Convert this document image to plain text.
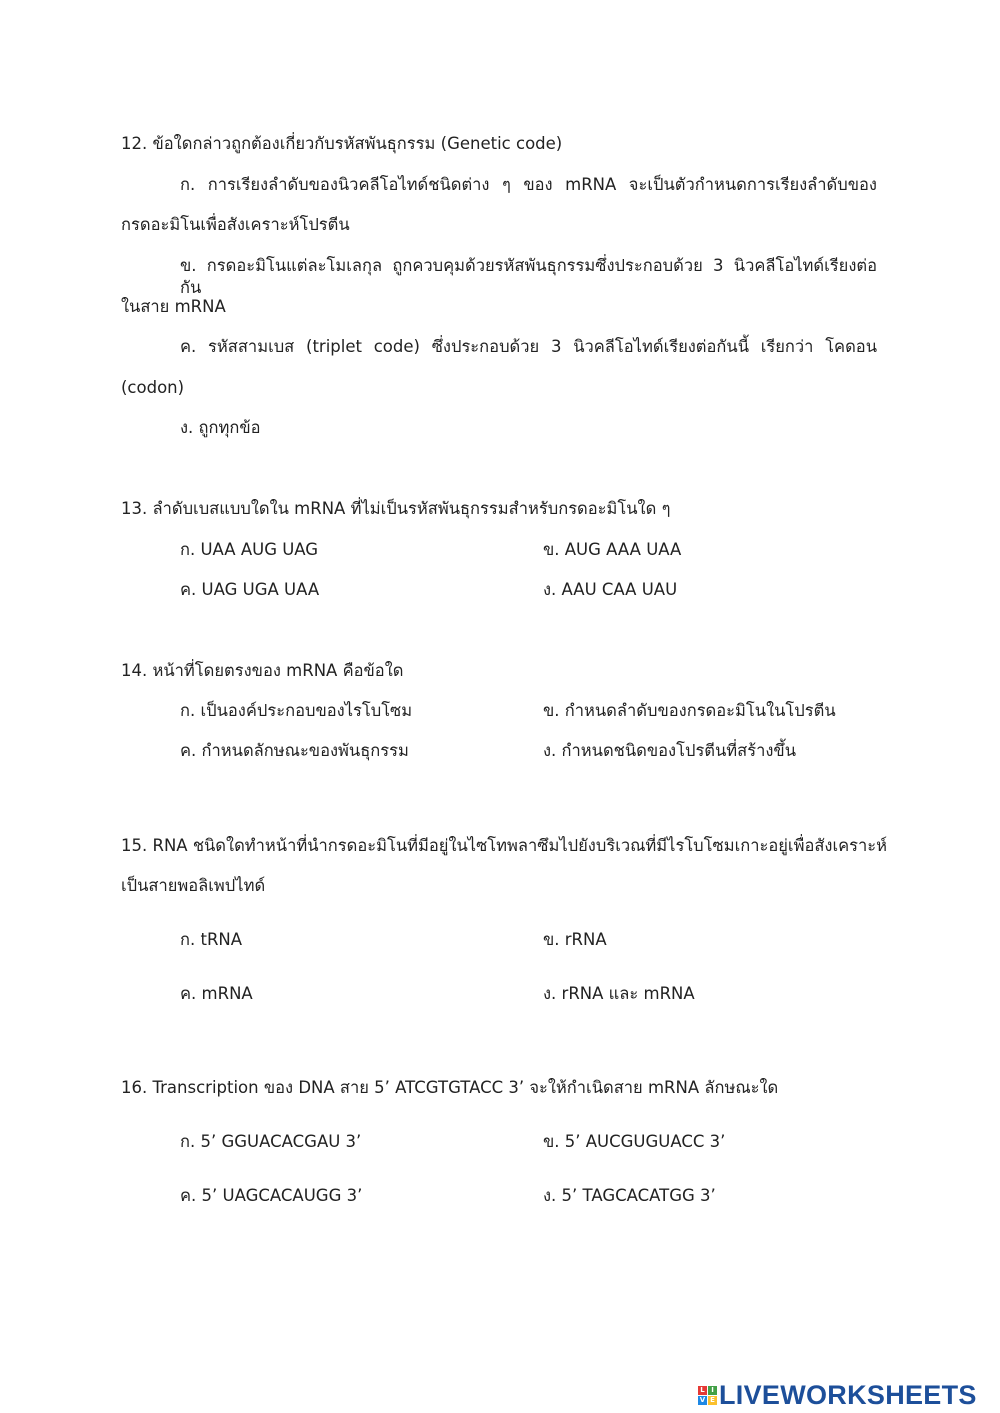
12. ข้อใดกล่าวถูกต้องเกี่ยวกับรหัสพันธุกรรม (Genetic code)

ก. การเรียงลำดับของนิวคลีโอไทด์ชนิดต่าง ๆ ของ mRNA จะเป็นตัวกำหนดการเรียงลำดับของ

กรดอะมิโนเพื่อสังเคราะห์โปรตีน

ข. กรดอะมิโนแต่ละโมเลกุล ถูกควบคุมด้วยรหัสพันธุกรรมซึ่งประกอบด้วย 3 นิวคลีโอไทด์เรียงต่อกัน

ในสาย mRNA

ค. รหัสสามเบส (triplet code) ซึ่งประกอบด้วย 3 นิวคลีโอไทด์เรียงต่อกันนี้ เรียกว่า โคดอน

(codon)

ง. ถูกทุกข้อ

13. ลำดับเบสแบบใดใน mRNA ที่ไม่เป็นรหัสพันธุกรรมสำหรับกรดอะมิโนใด ๆ

ก. UAA AUG UAG	ข. AUG AAA UAA

ค. UAG UGA UAA	ง. AAU CAA UAU

14. หน้าที่โดยตรงของ mRNA คือข้อใด

ก. เป็นองค์ประกอบของไรโบโซม	ข. กำหนดลำดับของกรดอะมิโนในโปรตีน

ค. กำหนดลักษณะของพันธุกรรม	ง. กำหนดชนิดของโปรตีนที่สร้างขึ้น

15. RNA ชนิดใดทำหน้าที่นำกรดอะมิโนที่มีอยู่ในไซโทพลาซึมไปยังบริเวณที่มีไรโบโซมเกาะอยู่เพื่อสังเคราะห์

เป็นสายพอลิเพปไทด์

ก. tRNA	ข. rRNA

ค. mRNA	ง. rRNA และ mRNA

16. Transcription ของ DNA สาย 5’ ATCGTGTACC 3’ จะให้กำเนิดสาย mRNA ลักษณะใด

ก. 5’ GGUACACGAU 3’	ข. 5’ AUCGUGUACC 3’

ค. 5’ UAGCACAUGG 3’	ง. 5’ TAGCACATGG 3’

L I
V E LIVEWORKSHEETS
